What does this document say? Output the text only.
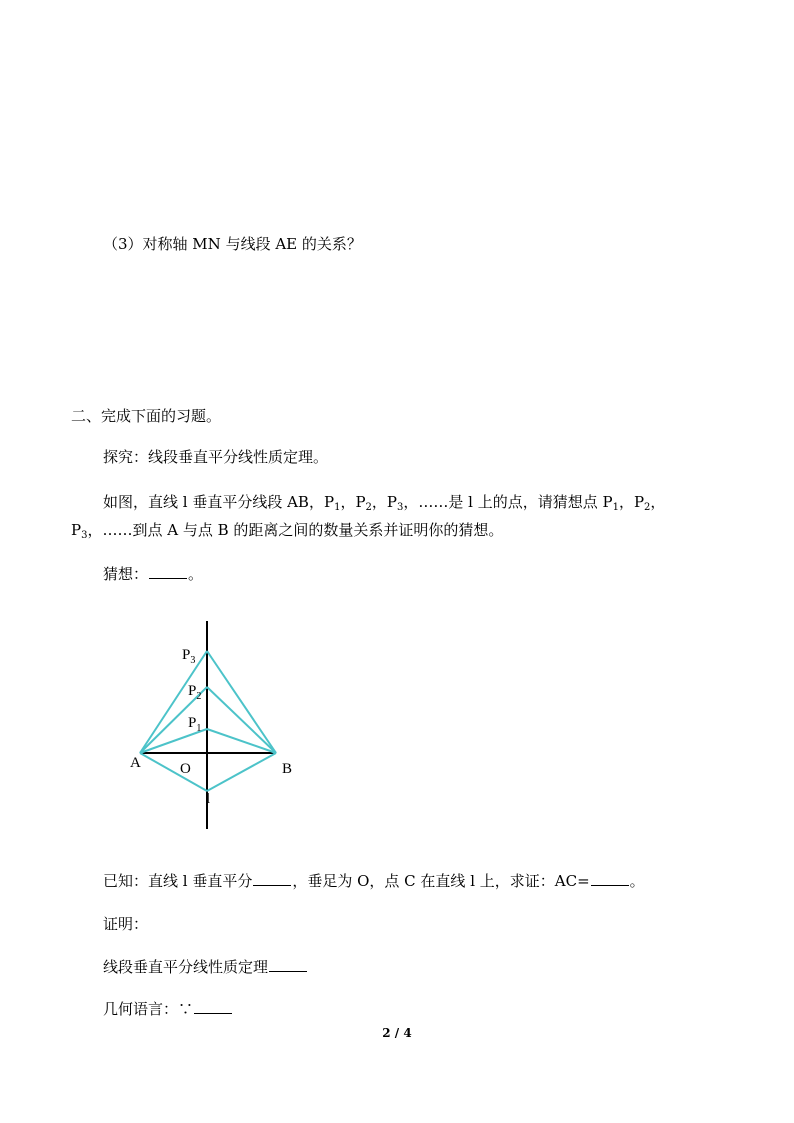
（3）对称轴 MN 与线段 AE 的关系？
二、完成下面的习题。
探究：线段垂直平分线性质定理。
如图，直线 l 垂直平分线段 AB，$P_1$，$P_2$，$P_3$，……是 l 上的点，请猜想点 $P_1$，$P_2$，
$P_3$，……到点 A 与点 B 的距离之间的数量关系并证明你的猜想。
猜想：	。
$P_3$
$P_2$
$P_1$
A	O	B
l
已知：直线 l 垂直平分	，垂足为 O，点 C 在直线 l 上，求证：AC=	。
证明：
线段垂直平分线性质定理
几何语言：∵
2 / 4
